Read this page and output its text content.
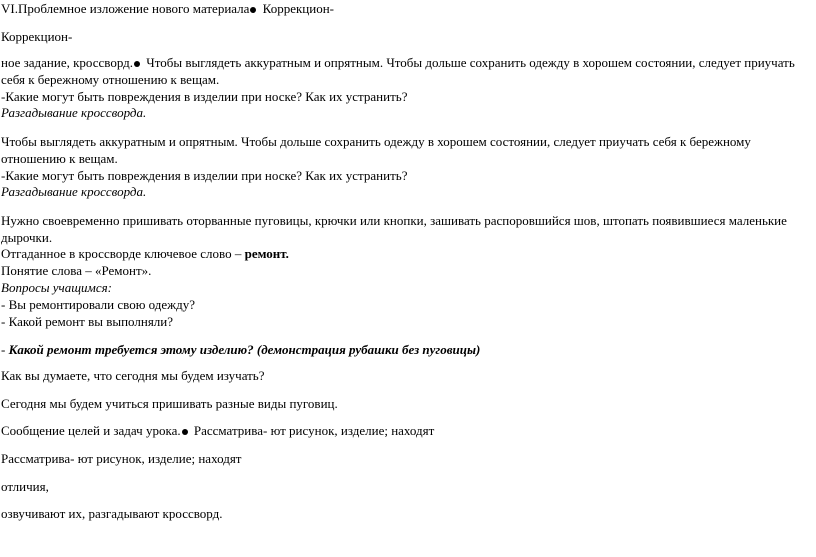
VI.Проблемное изложение нового материала Коррекцион-
Коррекцион-
ное задание, кроссворд. Чтобы выглядеть аккуратным и опрятным. Чтобы дольше сохранить одежду в хорошем состоянии, следует приучать себя к бережному отношению к вещам.
-Какие могут быть повреждения в изделии при носке? Как их устранить?
Разгадывание кроссворда.
Чтобы выглядеть аккуратным и опрятным. Чтобы дольше сохранить одежду в хорошем состоянии, следует приучать себя к бережному отношению к вещам.
-Какие могут быть повреждения в изделии при носке? Как их устранить?
Разгадывание кроссворда.
Нужно своевременно пришивать оторванные пуговицы, крючки или кнопки, зашивать распоровшийся шов, штопать появившиеся маленькие дырочки.
Отгаданное в кроссворде ключевое слово – ремонт.
Понятие слова – «Ремонт».
Вопросы учащимся:
- Вы ремонтировали свою одежду?
- Какой ремонт вы выполняли?
- Какой ремонт требуется этому изделию? (демонстрация рубашки без пуговицы)
Как вы думаете, что сегодня мы будем изучать?
Сегодня мы будем учиться пришивать разные виды пуговиц.
Сообщение целей и задач урока. Рассматрива- ют рисунок, изделие; находят
Рассматрива- ют рисунок, изделие; находят
отличия,
озвучивают их, разгадывают кроссворд.
